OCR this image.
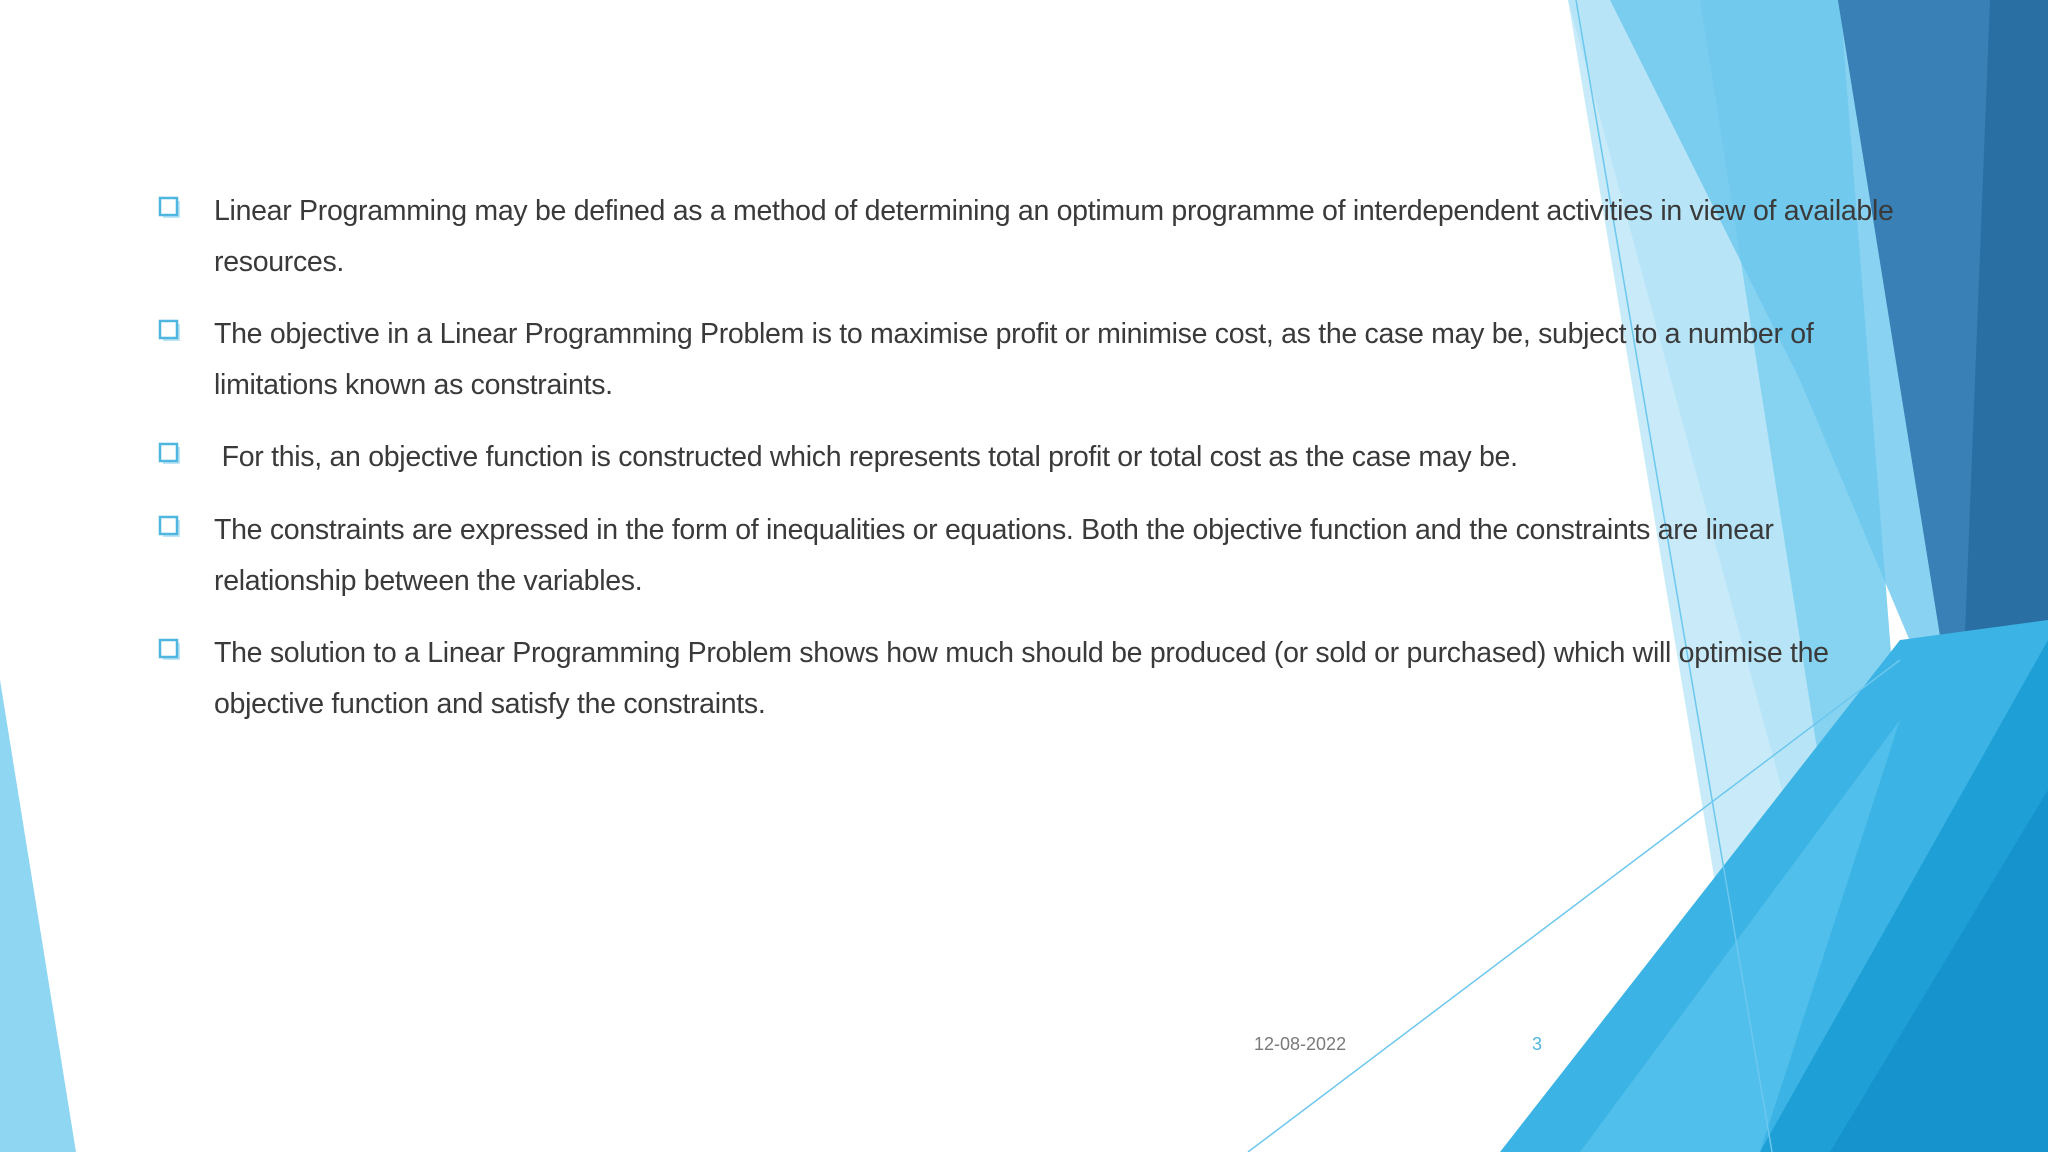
Linear Programming may be defined as a method of determining an optimum programme of interdependent activities in view of available resources.
The objective in a Linear Programming Problem is to maximise profit or minimise cost, as the case may be, subject to a number of limitations known as constraints.
For this, an objective function is constructed which represents total profit or total cost as the case may be.
The constraints are expressed in the form of inequalities or equations. Both the objective function and the constraints are linear relationship between the variables.
The solution to a Linear Programming Problem shows how much should be produced (or sold or purchased) which will optimise the objective function and satisfy the constraints.
12-08-2022	3
